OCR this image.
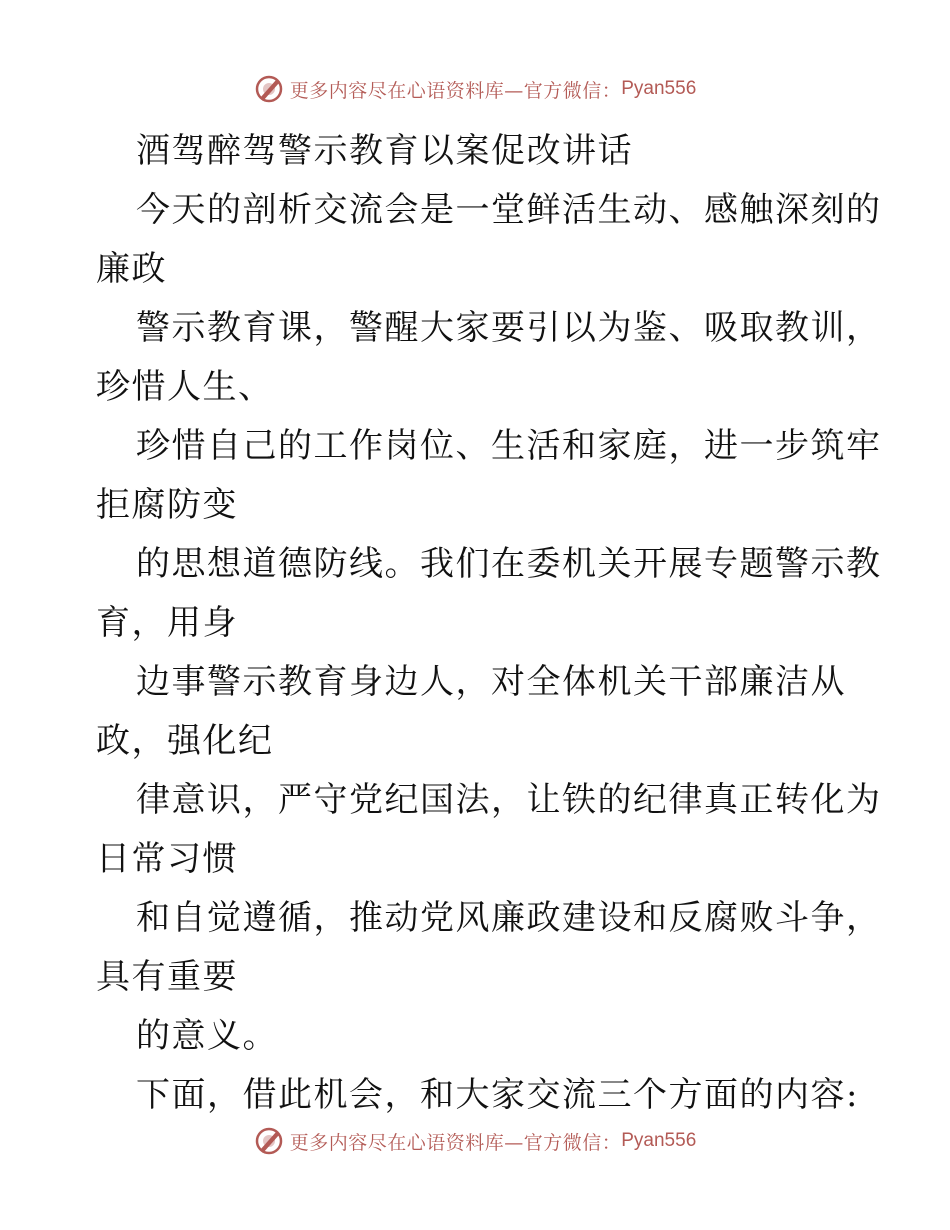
更多内容尽在心语资料库—官方微信： Pyan556
酒驾醉驾警示教育以案促改讲话
今天的剖析交流会是一堂鲜活生动、感触深刻的
廉政
警示教育课，警醒大家要引以为鉴、吸取教训，
珍惜人生、
珍惜自己的工作岗位、生活和家庭，进一步筑牢
拒腐防变
的思想道德防线。我们在委机关开展专题警示教
育，用身
边事警示教育身边人，对全体机关干部廉洁从
政，强化纪
律意识，严守党纪国法，让铁的纪律真正转化为
日常习惯
和自觉遵循，推动党风廉政建设和反腐败斗争，
具有重要
的意义。
下面，借此机会，和大家交流三个方面的内容:
更多内容尽在心语资料库—官方微信： Pyan556
